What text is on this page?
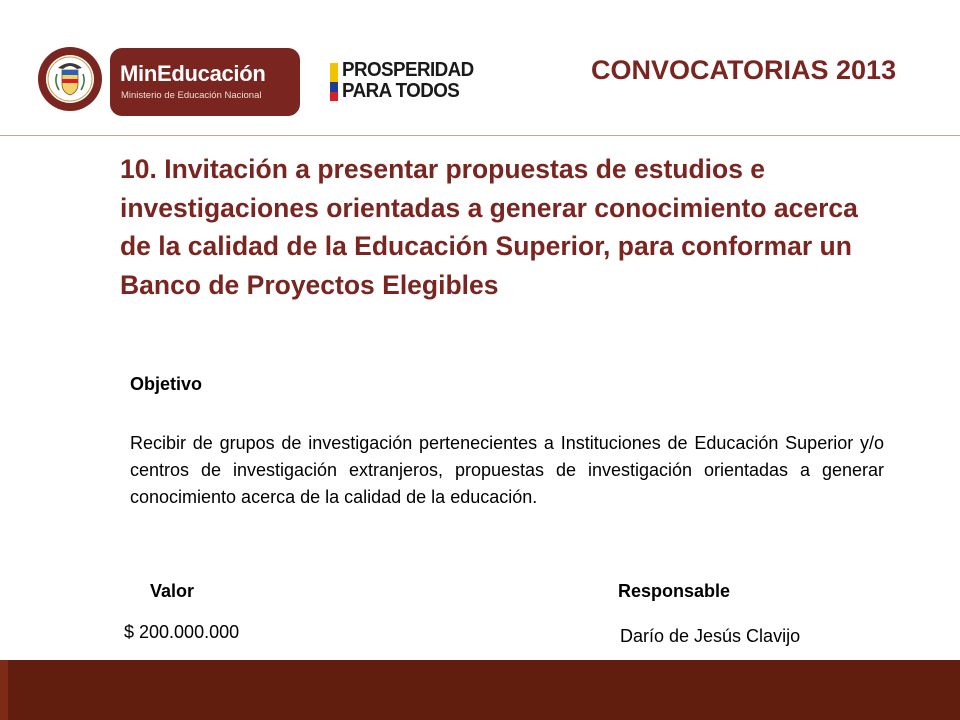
MinEducación
Ministerio de Educación Nacional
PROSPERIDAD
PARA TODOS
CONVOCATORIAS 2013
10. Invitación a presentar propuestas de estudios e investigaciones orientadas a generar conocimiento acerca de la calidad de la Educación Superior, para conformar un Banco de Proyectos Elegibles
Objetivo

Recibir de grupos de investigación pertenecientes a Instituciones de Educación Superior y/o centros de investigación extranjeros, propuestas de investigación orientadas a generar conocimiento acerca de la calidad de la educación.

Valor
$ 200.000.000
Responsable
Darío de Jesús Clavijo
